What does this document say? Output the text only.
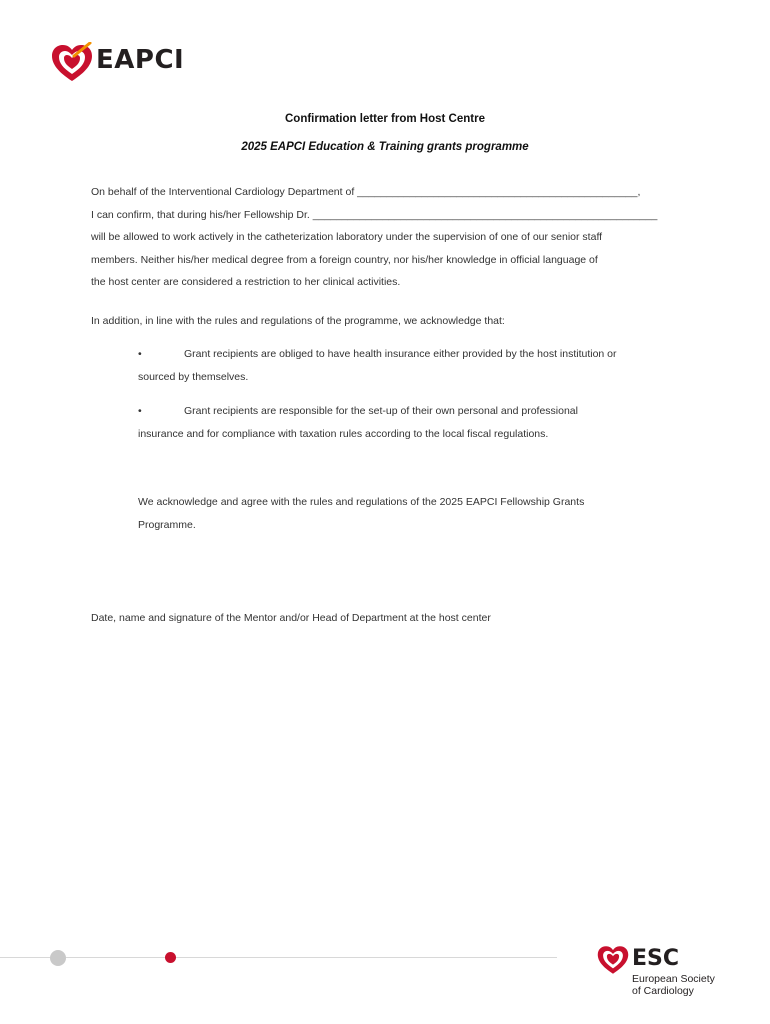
EAPCI
Confirmation letter from Host Centre
2025 EAPCI Education & Training grants programme
On behalf of the Interventional Cardiology Department of ________________________________________________,
I can confirm, that during his/her Fellowship Dr. ___________________________________________________________
will be allowed to work actively in the catheterization laboratory under the supervision of one of our senior staff
members. Neither his/her medical degree from a foreign country, nor his/her knowledge in official language of
the host center are considered a restriction to her clinical activities.
In addition, in line with the rules and regulations of the programme, we acknowledge that:
•	Grant recipients are obliged to have health insurance either provided by the host institution or
sourced by themselves.
•	Grant recipients are responsible for the set-up of their own personal and professional
insurance and for compliance with taxation rules according to the local fiscal regulations.
We acknowledge and agree with the rules and regulations of the 2025 EAPCI Fellowship Grants
Programme.
Date, name and signature of the Mentor and/or Head of Department at the host center
ESC
European Society
of Cardiology
